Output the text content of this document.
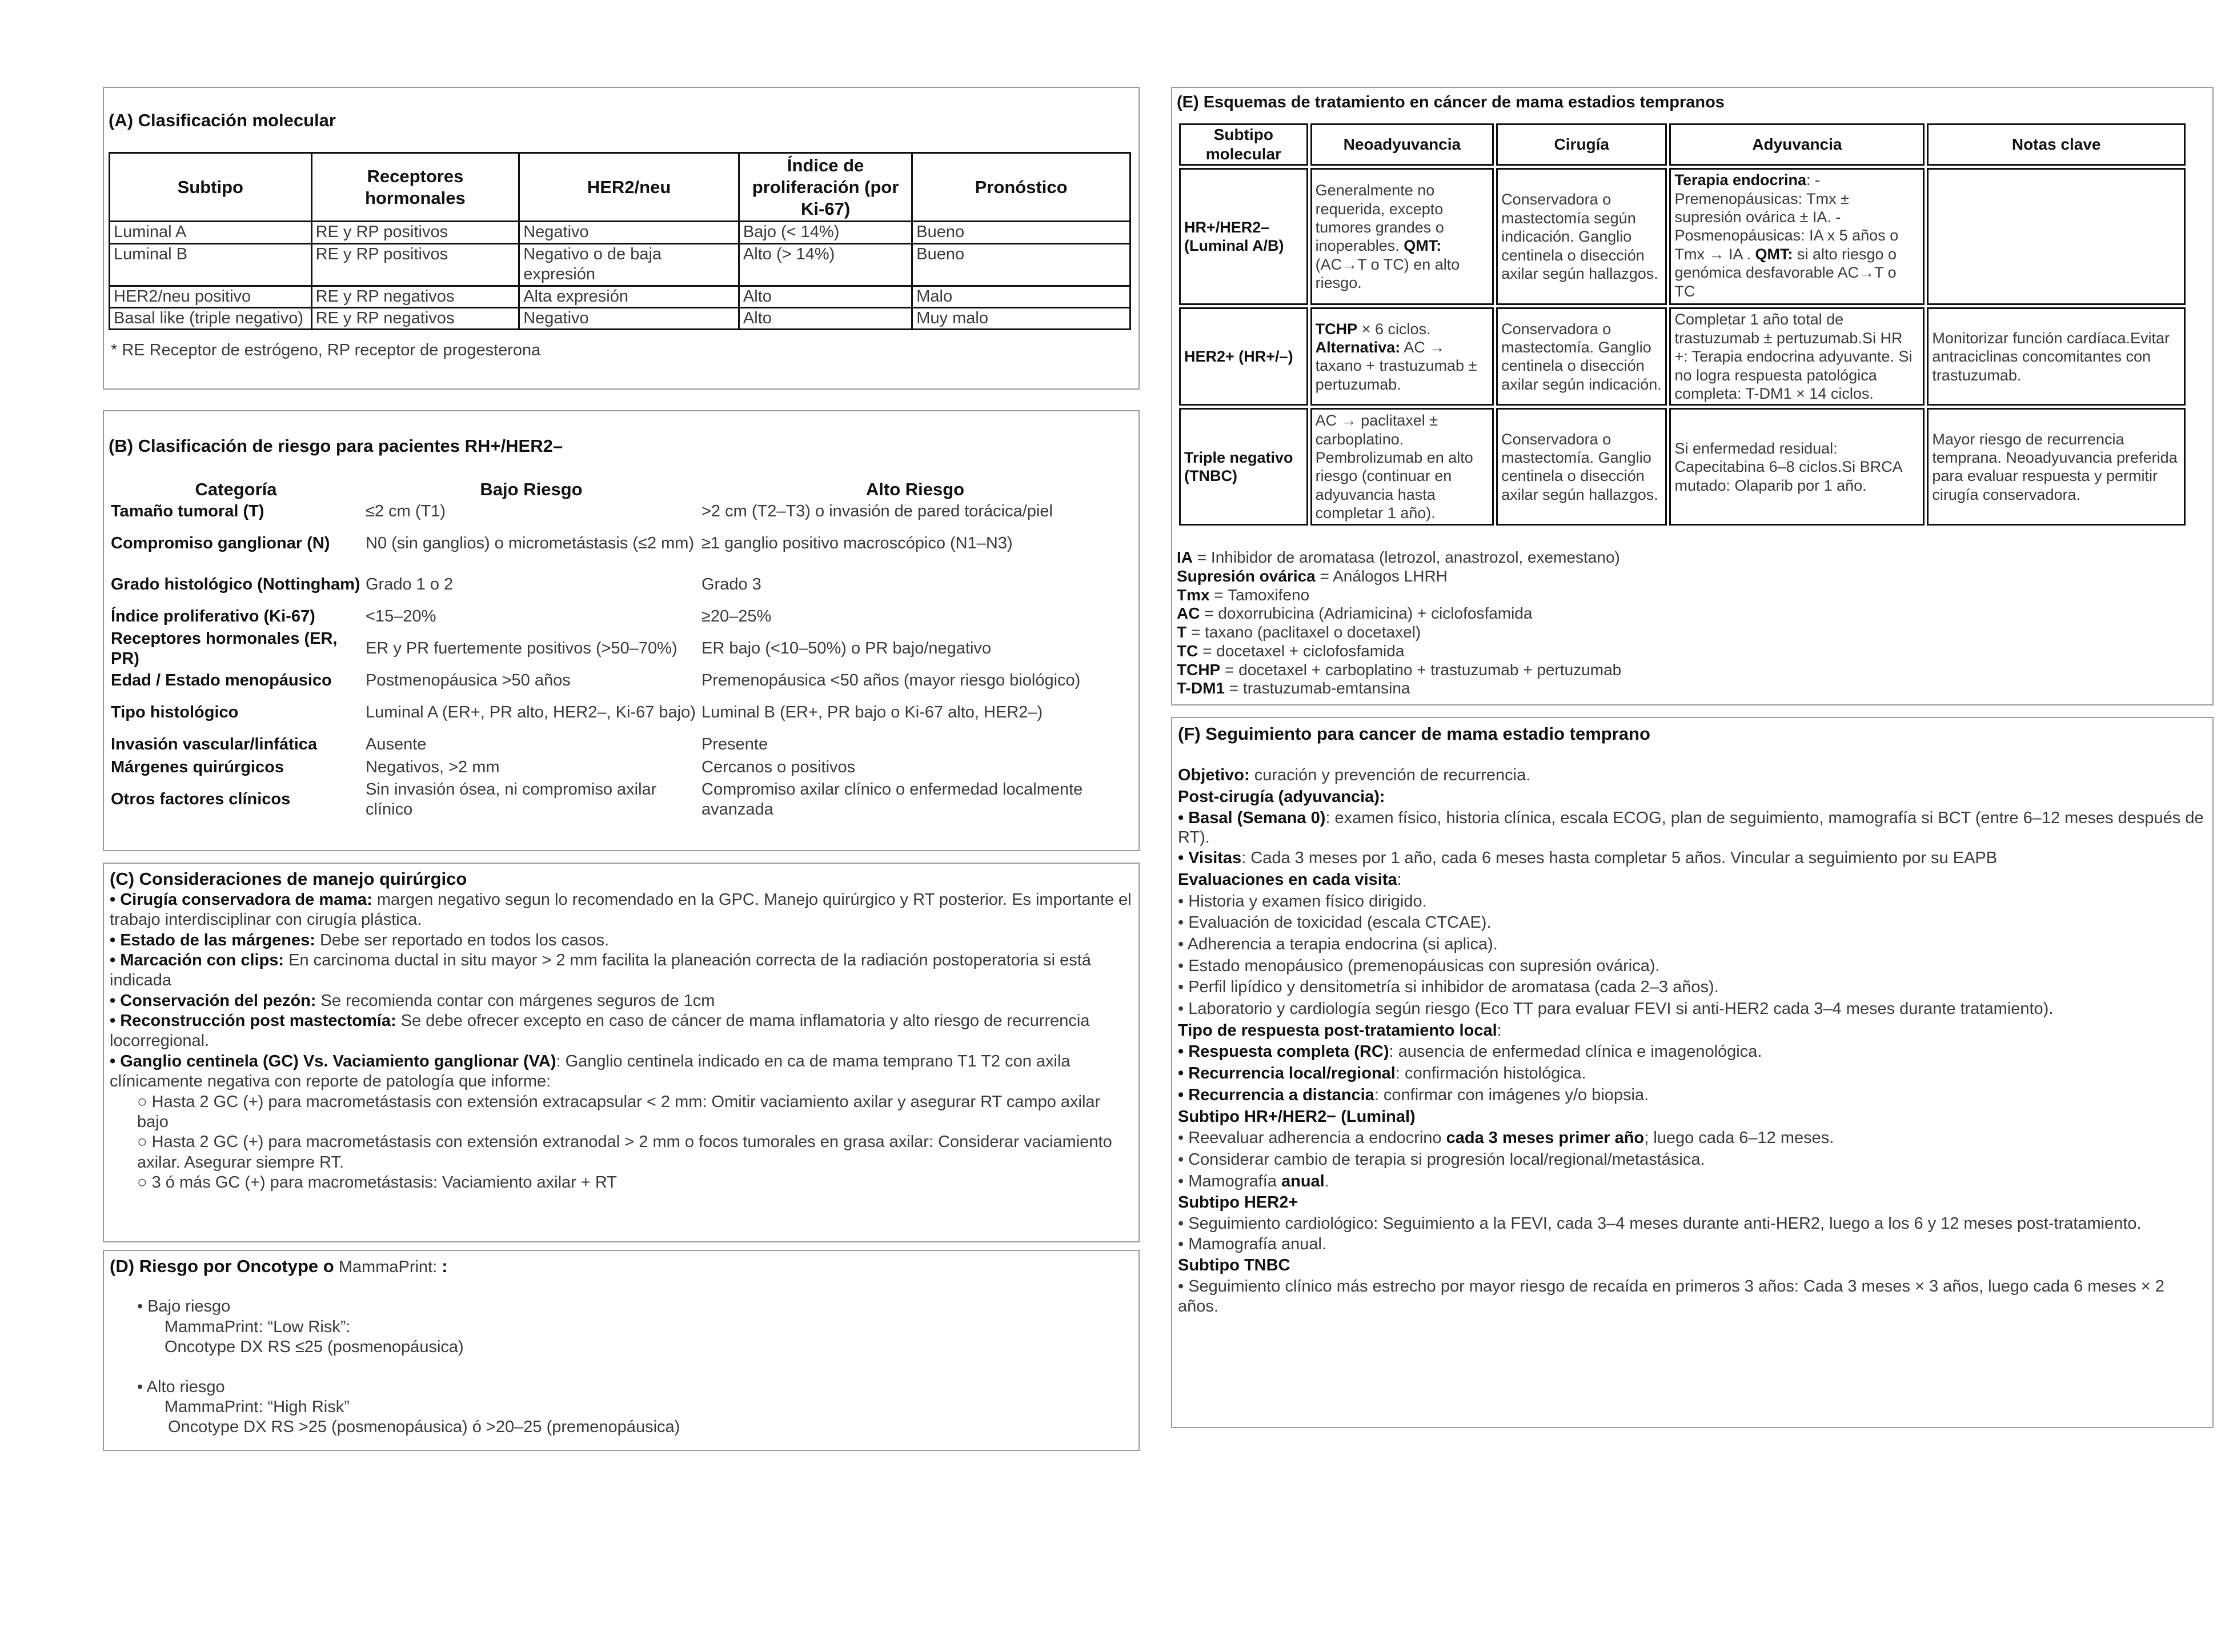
(A) Clasificación molecular
Subtipo	Receptores hormonales	HER2/neu	Índice de proliferación (por Ki-67)	Pronóstico
Luminal A	RE y RP positivos	Negativo	Bajo (< 14%)	Bueno
Luminal B	RE y RP positivos	Negativo o de baja expresión	Alto (> 14%)	Bueno
HER2/neu positivo	RE y RP negativos	Alta expresión	Alto	Malo
Basal like (triple negativo)	RE y RP negativos	Negativo	Alto	Muy malo
* RE Receptor de estrógeno, RP receptor de progesterona
(B) Clasificación de riesgo para pacientes RH+/HER2–
Categoría	Bajo Riesgo	Alto Riesgo
Tamaño tumoral (T)	≤2 cm (T1)	>2 cm (T2–T3) o invasión de pared torácica/piel
Compromiso ganglionar (N)	N0 (sin ganglios) o micrometástasis (≤2 mm)	≥1 ganglio positivo macroscópico (N1–N3)
Grado histológico (Nottingham)	Grado 1 o 2	Grado 3
Índice proliferativo (Ki-67)	<15–20%	≥20–25%
Receptores hormonales (ER, PR)	ER y PR fuertemente positivos (>50–70%)	ER bajo (<10–50%) o PR bajo/negativo
Edad / Estado menopáusico	Postmenopáusica >50 años	Premenopáusica <50 años (mayor riesgo biológico)
Tipo histológico	Luminal A (ER+, PR alto, HER2–, Ki-67 bajo)	Luminal B (ER+, PR bajo o Ki-67 alto, HER2–)
Invasión vascular/linfática	Ausente	Presente
Márgenes quirúrgicos	Negativos, >2 mm	Cercanos o positivos
Otros factores clínicos	Sin invasión ósea, ni compromiso axilar clínico	Compromiso axilar clínico o enfermedad localmente avanzada
(C) Consideraciones de manejo quirúrgico
• Cirugía conservadora de mama: margen negativo segun lo recomendado en la GPC. Manejo quirúrgico y RT posterior. Es importante el trabajo interdisciplinar con cirugía plástica.
• Estado de las márgenes: Debe ser reportado en todos los casos.
• Marcación con clips: En carcinoma ductal in situ mayor > 2 mm facilita la planeación correcta de la radiación postoperatoria si está indicada
• Conservación del pezón: Se recomienda contar con márgenes seguros de 1cm
• Reconstrucción post mastectomía: Se debe ofrecer excepto en caso de cáncer de mama inflamatoria y alto riesgo de recurrencia locorregional.
• Ganglio centinela (GC) Vs. Vaciamiento ganglionar (VA): Ganglio centinela indicado en ca de mama temprano T1 T2 con axila clínicamente negativa con reporte de patología que informe:
○ Hasta 2 GC (+) para macrometástasis con extensión extracapsular < 2 mm: Omitir vaciamiento axilar y asegurar RT campo axilar bajo
○ Hasta 2 GC (+) para macrometástasis con extensión extranodal > 2 mm o focos tumorales en grasa axilar: Considerar vaciamiento axilar. Asegurar siempre RT.
○ 3 ó más GC (+) para macrometástasis: Vaciamiento axilar + RT
(D) Riesgo por Oncotype o MammaPrint: :
• Bajo riesgo
MammaPrint: “Low Risk”:
Oncotype DX RS ≤25 (posmenopáusica)
• Alto riesgo
MammaPrint: “High Risk”
Oncotype DX RS >25 (posmenopáusica) ó >20–25 (premenopáusica)
(E) Esquemas de tratamiento en cáncer de mama estadios tempranos
Subtipo molecular	Neoadyuvancia	Cirugía	Adyuvancia	Notas clave
HR+/HER2– (Luminal A/B)	Generalmente no requerida, excepto tumores grandes o inoperables. QMT: (AC→T o TC) en alto riesgo.	Conservadora o mastectomía según indicación. Ganglio centinela o disección axilar según hallazgos.	Terapia endocrina: - Premenopáusicas: Tmx ± supresión ovárica ± IA. - Posmenopáusicas: IA x 5 años o Tmx → IA . QMT: si alto riesgo o genómica desfavorable AC→T o TC	
HER2+ (HR+/–)	TCHP × 6 ciclos. Alternativa: AC → taxano + trastuzumab ± pertuzumab.	Conservadora o mastectomía. Ganglio centinela o disección axilar según indicación.	Completar 1 año total de trastuzumab ± pertuzumab.Si HR +: Terapia endocrina adyuvante. Si no logra respuesta patológica completa: T-DM1 × 14 ciclos.	Monitorizar función cardíaca.Evitar antraciclinas concomitantes con trastuzumab.
Triple negativo (TNBC)	AC → paclitaxel ± carboplatino. Pembrolizumab en alto riesgo (continuar en adyuvancia hasta completar 1 año).	Conservadora o mastectomía. Ganglio centinela o disección axilar según hallazgos.	Si enfermedad residual: Capecitabina 6–8 ciclos.Si BRCA mutado: Olaparib por 1 año.	Mayor riesgo de recurrencia temprana. Neoadyuvancia preferida para evaluar respuesta y permitir cirugía conservadora.
IA = Inhibidor de aromatasa (letrozol, anastrozol, exemestano)
Supresión ovárica = Análogos LHRH
Tmx = Tamoxifeno
AC = doxorrubicina (Adriamicina) + ciclofosfamida
T = taxano (paclitaxel o docetaxel)
TC = docetaxel + ciclofosfamida
TCHP = docetaxel + carboplatino + trastuzumab + pertuzumab
T-DM1 = trastuzumab-emtansina
(F) Seguimiento para cancer de mama estadio temprano
Objetivo: curación y prevención de recurrencia.
Post-cirugía (adyuvancia):
• Basal (Semana 0): examen físico, historia clínica, escala ECOG, plan de seguimiento, mamografía si BCT (entre 6–12 meses después de RT).
• Visitas: Cada 3 meses por 1 año, cada 6 meses hasta completar 5 años. Vincular a seguimiento por su EAPB
Evaluaciones en cada visita:
• Historia y examen físico dirigido.
• Evaluación de toxicidad (escala CTCAE).
• Adherencia a terapia endocrina (si aplica).
• Estado menopáusico (premenopáusicas con supresión ovárica).
• Perfil lipídico y densitometría si inhibidor de aromatasa (cada 2–3 años).
• Laboratorio y cardiología según riesgo (Eco TT para evaluar FEVI si anti-HER2 cada 3–4 meses durante tratamiento).
Tipo de respuesta post-tratamiento local:
• Respuesta completa (RC): ausencia de enfermedad clínica e imagenológica.
• Recurrencia local/regional: confirmación histológica.
• Recurrencia a distancia: confirmar con imágenes y/o biopsia.
Subtipo HR+/HER2− (Luminal)
• Reevaluar adherencia a endocrino cada 3 meses primer año; luego cada 6–12 meses.
• Considerar cambio de terapia si progresión local/regional/metastásica.
• Mamografía anual.
Subtipo HER2+
• Seguimiento cardiológico: Seguimiento a la FEVI, cada 3–4 meses durante anti-HER2, luego a los 6 y 12 meses post-tratamiento.
• Mamografía anual.
Subtipo TNBC
• Seguimiento clínico más estrecho por mayor riesgo de recaída en primeros 3 años: Cada 3 meses × 3 años, luego cada 6 meses × 2 años.
